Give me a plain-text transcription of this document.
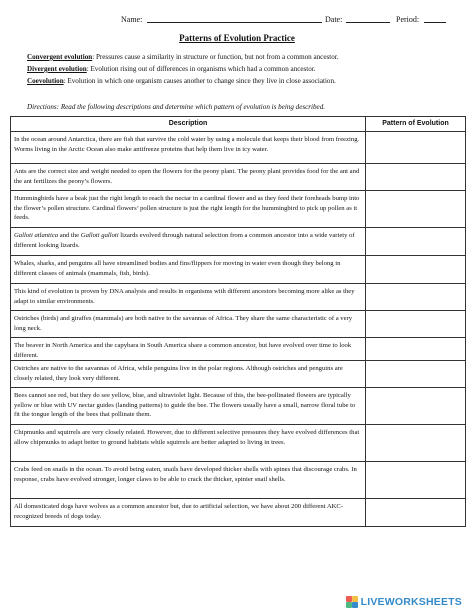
Name:	Date:	Period:
Patterns of Evolution Practice
Convergent evolution: Pressures cause a similarity in structure or function, but not from a common ancestor.
Divergent evolution: Evolution rising out of differences in organisms which had a common ancestor.
Coevolution: Evolution in which one organism causes another to change since they live in close association.
Directions: Read the following descriptions and determine which pattern of evolution is being described.
Description	Pattern of Evolution

In the ocean around Antarctica, there are fish that survive the cold water by using a molecule that keeps their blood from freezing. Worms living in the Arctic Ocean also make antifreeze proteins that help them live in icy water.	

Ants are the correct size and weight needed to open the flowers for the peony plant. The peony plant provides food for the ant and the ant fertilizes the peony’s flowers.	

Hummingbirds have a beak just the right length to reach the nectar in a cardinal flower and as they feed their foreheads bump into the flower’s pollen structure. Cardinal flowers’ pollen structure is just the right length for the hummingbird to pick up pollen as it feeds.	

Galloti atlantica and the Galloti galloti lizards evolved through natural selection from a common ancestor into a wide variety of different looking lizards.	

Whales, sharks, and penguins all have streamlined bodies and fins/flippers for moving in water even though they belong in different classes of animals (mammals, fish, birds).	

This kind of evolution is proven by DNA analysis and results in organisms with different ancestors becoming more alike as they adapt to similar environments.	

Ostriches (birds) and giraffes (mammals) are both native to the savannas of Africa. They share the same characteristic of a very long neck.	

The beaver in North America and the capybara in South America share a common ancestor, but have evolved over time to look different.	

Ostriches are native to the savannas of Africa, while penguins live in the polar regions. Although ostriches and penguins are closely related, they look very different.	

Bees cannot see red, but they do see yellow, blue, and ultraviolet light. Because of this, the bee-pollinated flowers are typically yellow or blue with UV nectar guides (landing patterns) to guide the bee. The flowers usually have a small, narrow floral tube to fit the tongue length of the bees that pollinate them.	

Chipmunks and squirrels are very closely related. However, due to different selective pressures they have evolved differences that allow chipmunks to adapt better to ground habitats while squirrels are better adapted to living in trees.	

Crabs feed on snails in the ocean. To avoid being eaten, snails have developed thicker shells with spines that discourage crabs. In response, crabs have evolved stronger, longer claws to be able to crack the thicker, spinier snail shells.	

All domesticated dogs have wolves as a common ancestor but, due to artificial selection, we have about 200 different AKC-recognized breeds of dogs today.	

LIVEWORKSHEETS
